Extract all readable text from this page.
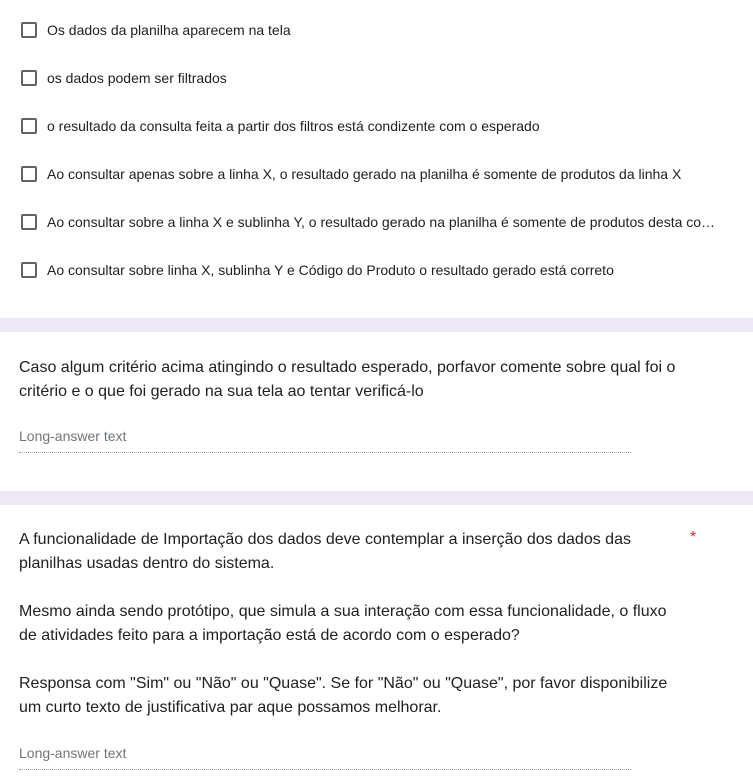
Os dados da planilha aparecem na tela
os dados podem ser filtrados
o resultado da consulta feita a partir dos filtros está condizente com o esperado
Ao consultar apenas sobre a linha X, o resultado gerado na planilha é somente de produtos da linha X
Ao consultar sobre a linha X e sublinha Y, o resultado gerado na planilha é somente de produtos desta co…
Ao consultar sobre linha X, sublinha Y e Código do Produto o resultado gerado está correto
Caso algum critério acima atingindo o resultado esperado, porfavor comente sobre qual foi o critério e o que foi gerado na sua tela ao tentar verificá-lo
Long-answer text
A funcionalidade de Importação dos dados deve contemplar a inserção dos dados das planilhas usadas dentro do sistema.
*
Mesmo ainda sendo protótipo, que simula a sua interação com essa funcionalidade, o fluxo de atividades feito para a importação está de acordo com o esperado?
Responsa com "Sim" ou "Não" ou "Quase". Se for "Não" ou "Quase", por favor disponibilize um curto texto de justificativa par aque possamos melhorar.
Long-answer text
